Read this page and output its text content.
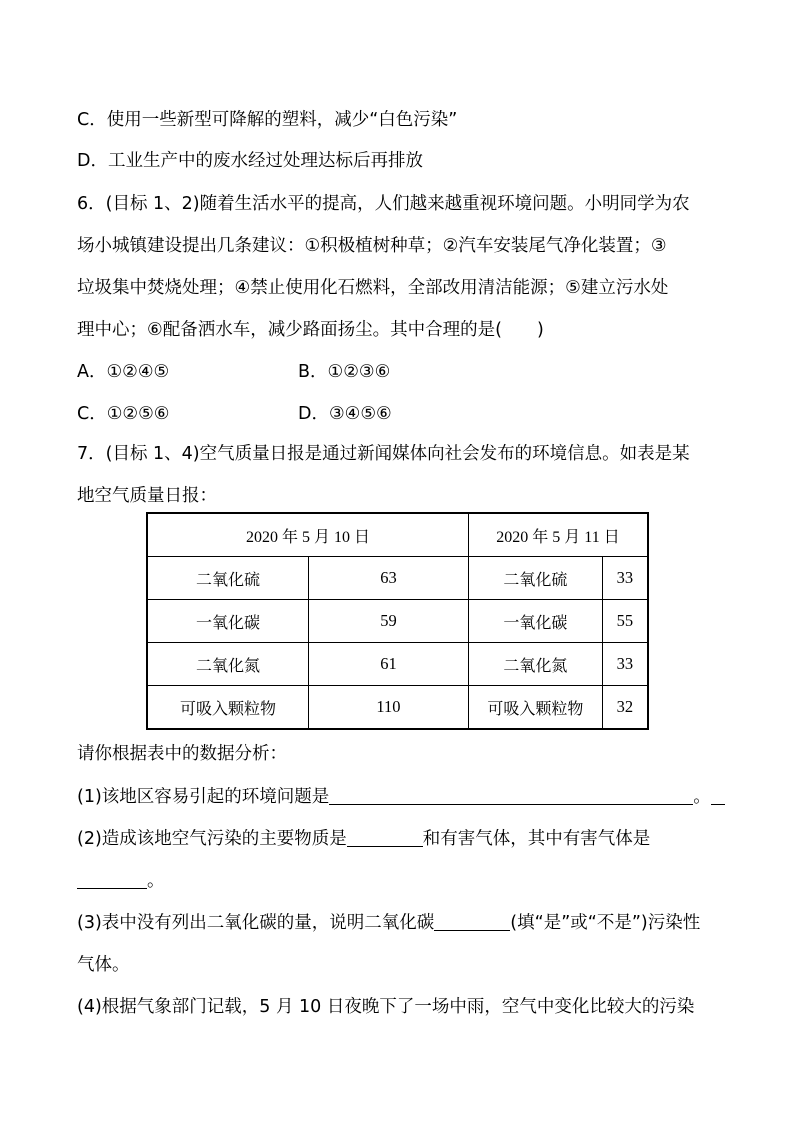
C．使用一些新型可降解的塑料，减少“白色污染”
D．工业生产中的废水经过处理达标后再排放
6．(目标 1、2)随着生活水平的提高，人们越来越重视环境问题。小明同学为农
场小城镇建设提出几条建议：①积极植树种草；②汽车安装尾气净化装置；③
垃圾集中焚烧处理；④禁止使用化石燃料，全部改用清洁能源；⑤建立污水处
理中心；⑥配备洒水车，减少路面扬尘。其中合理的是(　　)
A．①②④⑤	B．①②③⑥
C．①②⑤⑥	D．③④⑤⑥
7．(目标 1、4)空气质量日报是通过新闻媒体向社会发布的环境信息。如表是某
地空气质量日报：
2020 年 5 月 10 日		2020 年 5 月 11 日	
二氧化硫	63	二氧化硫	33
一氧化碳	59	一氧化碳	55
二氧化氮	61	二氧化氮	33
可吸入颗粒物	110	可吸入颗粒物	32
请你根据表中的数据分析：
(1)该地区容易引起的环境问题是	。
(2)造成该地空气污染的主要物质是	和有害气体，其中有害气体是
。
(3)表中没有列出二氧化碳的量，说明二氧化碳	(填“是”或“不是”)污染性
气体。
(4)根据气象部门记载，5 月 10 日夜晚下了一场中雨，空气中变化比较大的污染
